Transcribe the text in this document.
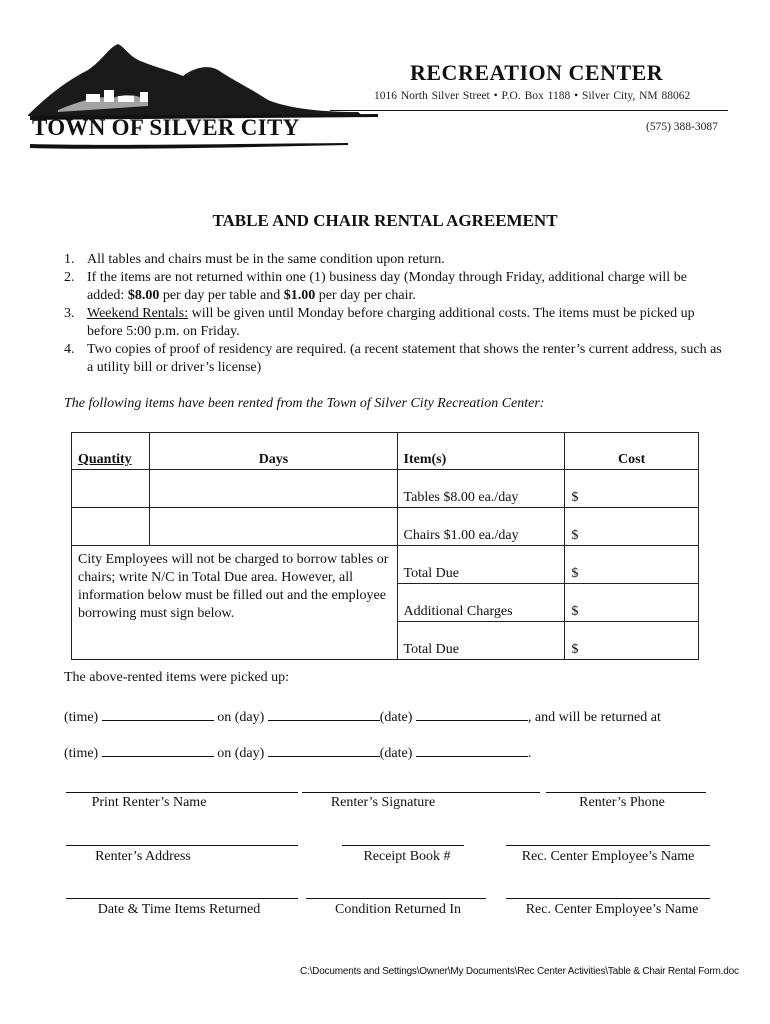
RECREATION CENTER
1016 North Silver Street • P.O. Box 1188 • Silver City, NM 88062
TOWN OF SILVER CITY	(575) 388-3087
TABLE AND CHAIR RENTAL AGREEMENT
1. All tables and chairs must be in the same condition upon return.
2. If the items are not returned within one (1) business day (Monday through Friday, additional charge will be added: $8.00 per day per table and $1.00 per day per chair.
3. Weekend Rentals: will be given until Monday before charging additional costs. The items must be picked up before 5:00 p.m. on Friday.
4. Two copies of proof of residency are required. (a recent statement that shows the renter’s current address, such as a utility bill or driver’s license)
The following items have been rented from the Town of Silver City Recreation Center:
Quantity	Days	Item(s)	Cost
		Tables $8.00 ea./day	$
		Chairs $1.00 ea./day	$
City Employees will not be charged to borrow tables or chairs; write N/C in Total Due area. However, all information below must be filled out and the employee borrowing must sign below.		Total Due	$
		Additional Charges	$
		Total Due	$
The above-rented items were picked up:
(time)	on (day)	(date)	, and will be returned at
(time)	on (day)	(date)	.
Print Renter’s Name	Renter’s Signature	Renter’s Phone
Renter’s Address	Receipt Book #	Rec. Center Employee’s Name
Date & Time Items Returned	Condition Returned In	Rec. Center Employee’s Name
C:\Documents and Settings\Owner\My Documents\Rec Center Activities\Table & Chair Rental Form.doc
